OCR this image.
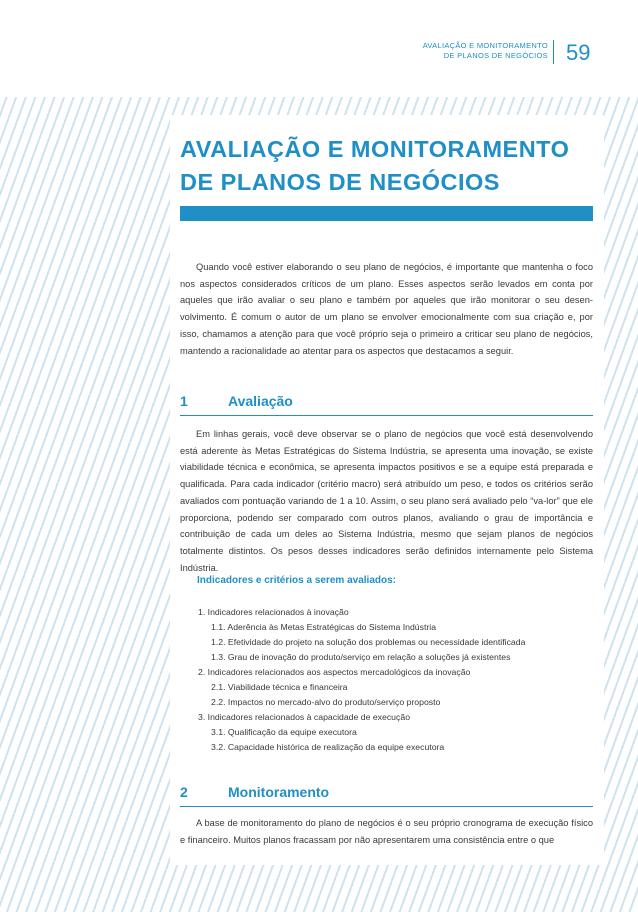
AVALIAÇÃO E MONITORAMENTO
DE PLANOS DE NEGÓCIOS 59
AVALIAÇÃO E MONITORAMENTO DE PLANOS DE NEGÓCIOS
Quando você estiver elaborando o seu plano de negócios, é importante que mantenha o foco nos aspectos considerados críticos de um plano. Esses aspectos serão levados em conta por aqueles que irão avaliar o seu plano e também por aqueles que irão monitorar o seu desen-volvimento. É comum o autor de um plano se envolver emocionalmente com sua criação e, por isso, chamamos a atenção para que você próprio seja o primeiro a criticar seu plano de negócios, mantendo a racionalidade ao atentar para os aspectos que destacamos a seguir.
1	Avaliação
Em linhas gerais, você deve observar se o plano de negócios que você está desenvolvendo está aderente às Metas Estratégicas do Sistema Indústria, se apresenta uma inovação, se existe viabilidade técnica e econômica, se apresenta impactos positivos e se a equipe está preparada e qualificada. Para cada indicador (critério macro) será atribuído um peso, e todos os critérios serão avaliados com pontuação variando de 1 a 10. Assim, o seu plano será avaliado pelo “va-lor” que ele proporciona, podendo ser comparado com outros planos, avaliando o grau de importância e contribuição de cada um deles ao Sistema Indústria, mesmo que sejam planos de negócios totalmente distintos. Os pesos desses indicadores serão definidos internamente pelo Sistema Indústria.
Indicadores e critérios a serem avaliados:
1. Indicadores relacionados à inovação
1.1. Aderência às Metas Estratégicas do Sistema Indústria
1.2. Efetividade do projeto na solução dos problemas ou necessidade identificada
1.3. Grau de inovação do produto/serviço em relação a soluções já existentes
2. Indicadores relacionados aos aspectos mercadológicos da inovação
2.1. Viabilidade técnica e financeira
2.2. Impactos no mercado-alvo do produto/serviço proposto
3. Indicadores relacionados à capacidade de execução
3.1. Qualificação da equipe executora
3.2. Capacidade histórica de realização da equipe executora
2	Monitoramento
A base de monitoramento do plano de negócios é o seu próprio cronograma de execução físico e financeiro. Muitos planos fracassam por não apresentarem uma consistência entre o que
